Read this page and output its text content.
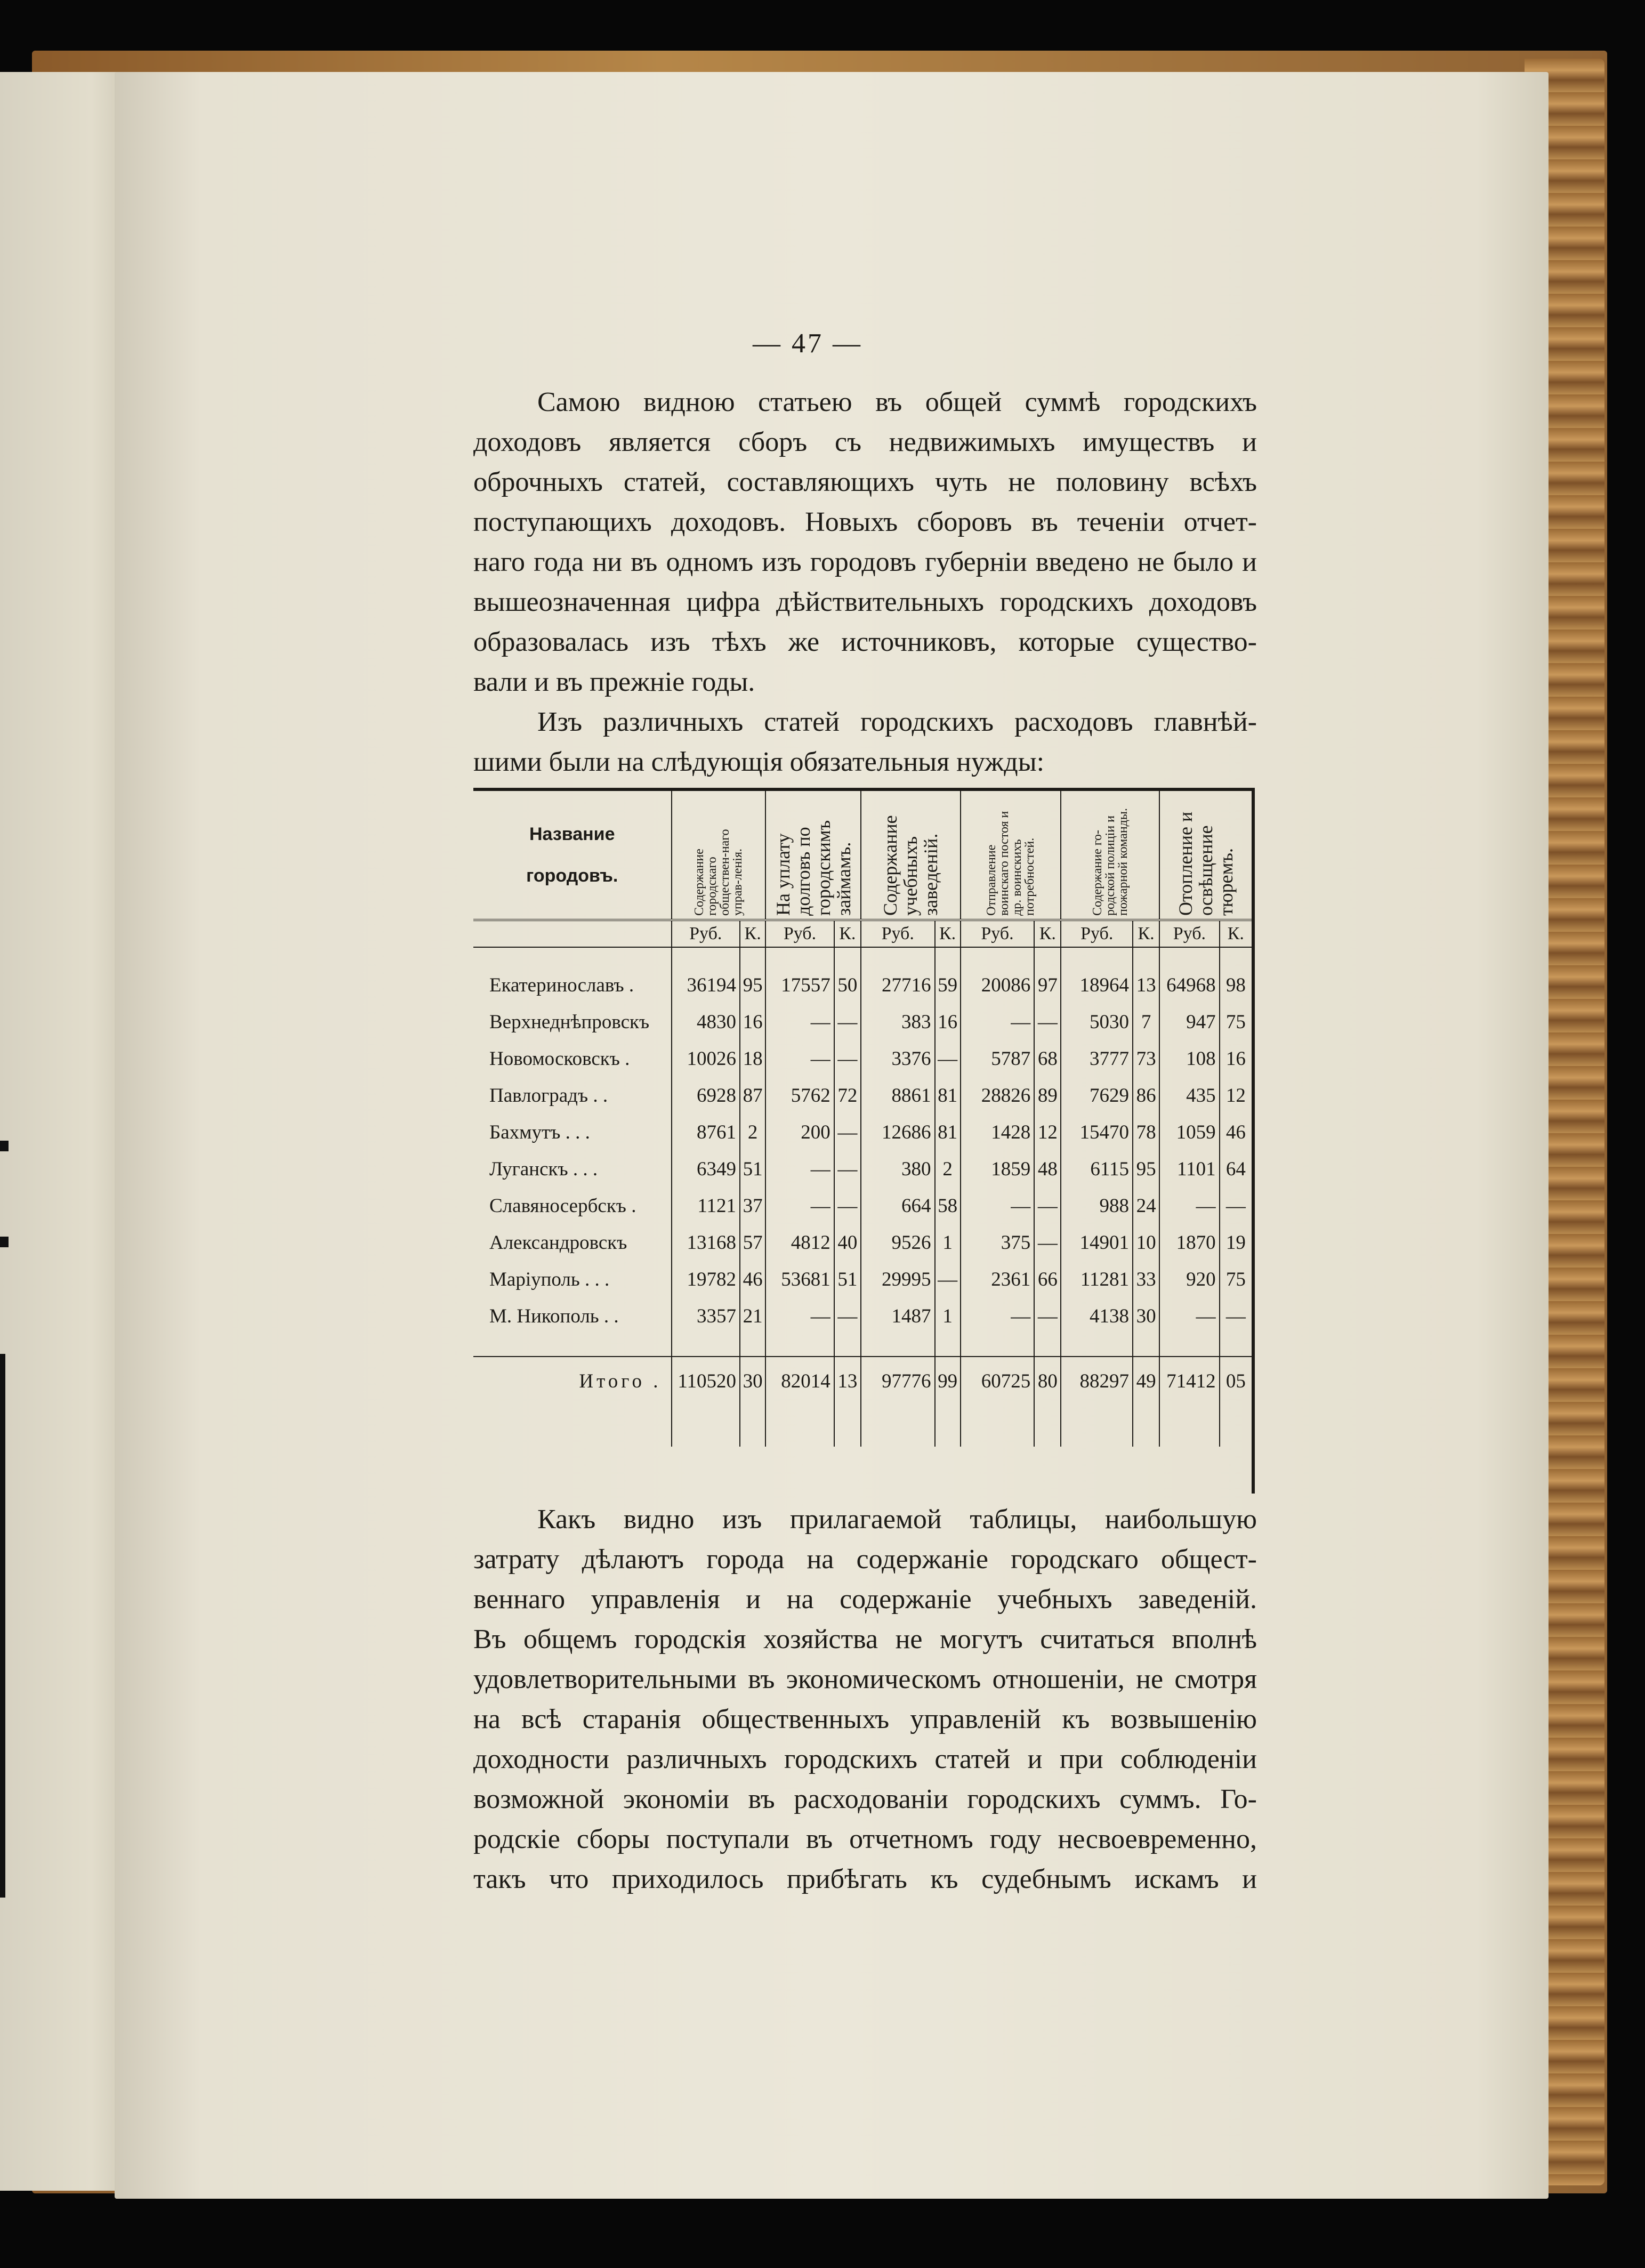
— 47 —

Самою видною статьею въ общей суммѣ городскихъ

доходовъ является сборъ съ недвижимыхъ имуществъ и

оброчныхъ статей, составляющихъ чуть не половину всѣхъ

поступающихъ доходовъ. Новыхъ сборовъ въ теченiи отчет-

наго года ни въ одномъ изъ городовъ губернiи введено не было и

вышеозначенная цифра дѣйствительныхъ городскихъ доходовъ

образовалась изъ тѣхъ же источниковъ, которые существо-

вали и въ прежнiе годы.

Изъ различныхъ статей городскихъ расходовъ главнѣй-

шими были на слѣдующiя обязательныя нужды:

Название
городовъ.	Содержание городскаго обществен-наго управ-ленiя.		На уплату долговъ по городскимъ займамъ.		Содержание учебныхъ заведенiй.		Отправление воинскаго постоя и др. воинскихъ потребностей.		Содержание го-родской полицiи и пожарной команды.		Отопление и освѣщение тюремъ.	

	Руб.	К.	Руб.	К.	Руб.	К.	Руб.	К.	Руб.	К.	Руб.	К.

Екатеринославъ .	36194	95	17557	50	27716	59	20086	97	18964	13	64968	98
Верхнеднѣпровскъ	4830	16	—	—	383	16	—	—	5030	7	947	75
Новомосковскъ .	10026	18	—	—	3376	—	5787	68	3777	73	108	16
Павлоградъ . .	6928	87	5762	72	8861	81	28826	89	7629	86	435	12
Бахмутъ . . .	8761	2	200	—	12686	81	1428	12	15470	78	1059	46
Луганскъ . . .	6349	51	—	—	380	2	1859	48	6115	95	1101	64
Славяносербскъ .	1121	37	—	—	664	58	—	—	988	24	—	—
Александровскъ	13168	57	4812	40	9526	1	375	—	14901	10	1870	19
Марiуполь . . .	19782	46	53681	51	29995	—	2361	66	11281	33	920	75
М. Никополь . .	3357	21	—	—	1487	1	—	—	4138	30	—	—

Итого .	110520	30	82014	13	97776	99	60725	80	88297	49	71412	05

Какъ видно изъ прилагаемой таблицы, наибольшую

затрату дѣлаютъ города на содержанiе городскаго общест-

веннаго управленiя и на содержанiе учебныхъ заведенiй.

Въ общемъ городскiя хозяйства не могутъ считаться вполнѣ

удовлетворительными въ экономическомъ отношенiи, не смотря

на всѣ старанiя общественныхъ управленiй къ возвышенiю

доходности различныхъ городскихъ статей и при соблюденiи

возможной экономiи въ расходованiи городскихъ суммъ. Го-

родскiе сборы поступали въ отчетномъ году несвоевременно,

такъ что приходилось прибѣгать къ судебнымъ искамъ и
